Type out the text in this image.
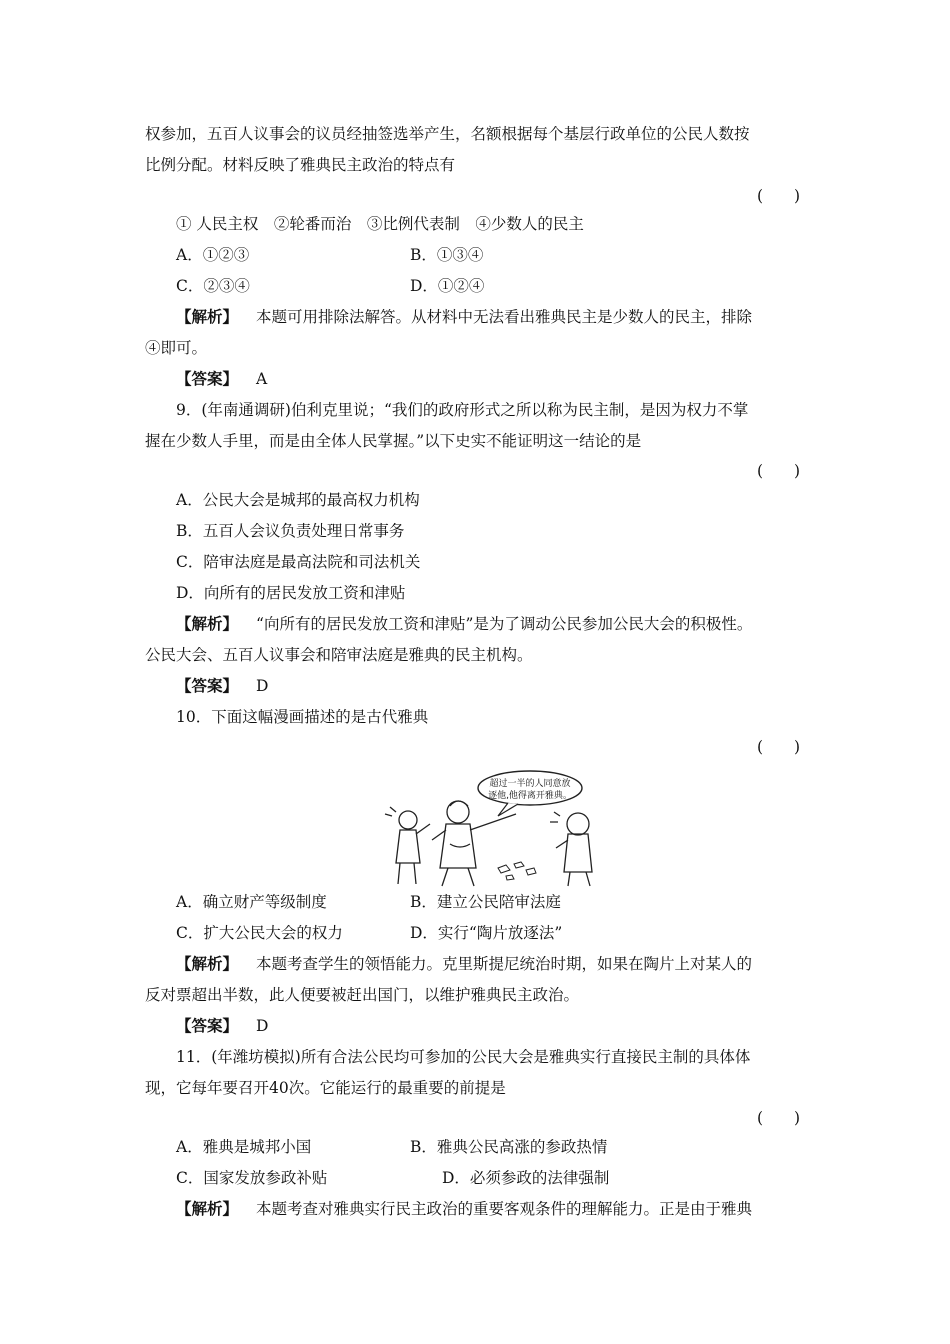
权参加，五百人议事会的议员经抽签选举产生，名额根据每个基层行政单位的公民人数按
比例分配。材料反映了雅典民主政治的特点有
(　　)
① 人民主权　②轮番而治　③比例代表制　④少数人的民主
A．①②③	B．①③④
C．②③④	D．①②④
【解析】 本题可用排除法解答。从材料中无法看出雅典民主是少数人的民主，排除
④即可。
【答案】 A
9．(年南通调研)伯利克里说；“我们的政府形式之所以称为民主制，是因为权力不掌
握在少数人手里，而是由全体人民掌握。”以下史实不能证明这一结论的是
(　　)
A．公民大会是城邦的最高权力机构
B．五百人会议负责处理日常事务
C．陪审法庭是最高法院和司法机关
D．向所有的居民发放工资和津贴
【解析】 “向所有的居民发放工资和津贴”是为了调动公民参加公民大会的积极性。
公民大会、五百人议事会和陪审法庭是雅典的民主机构。
【答案】 D
10．下面这幅漫画描述的是古代雅典
(　　)
超过一半的人同意放
逐他,他得离开雅典。
A．确立财产等级制度	B．建立公民陪审法庭
C．扩大公民大会的权力	D．实行“陶片放逐法”
【解析】 本题考查学生的领悟能力。克里斯提尼统治时期，如果在陶片上对某人的
反对票超出半数，此人便要被赶出国门，以维护雅典民主政治。
【答案】 D
11．(年潍坊模拟)所有合法公民均可参加的公民大会是雅典实行直接民主制的具体体
现，它每年要召开40次。它能运行的最重要的前提是
(　　)
A．雅典是城邦小国	B．雅典公民高涨的参政热情
C．国家发放参政补贴	D．必须参政的法律强制
【解析】 本题考查对雅典实行民主政治的重要客观条件的理解能力。正是由于雅典
